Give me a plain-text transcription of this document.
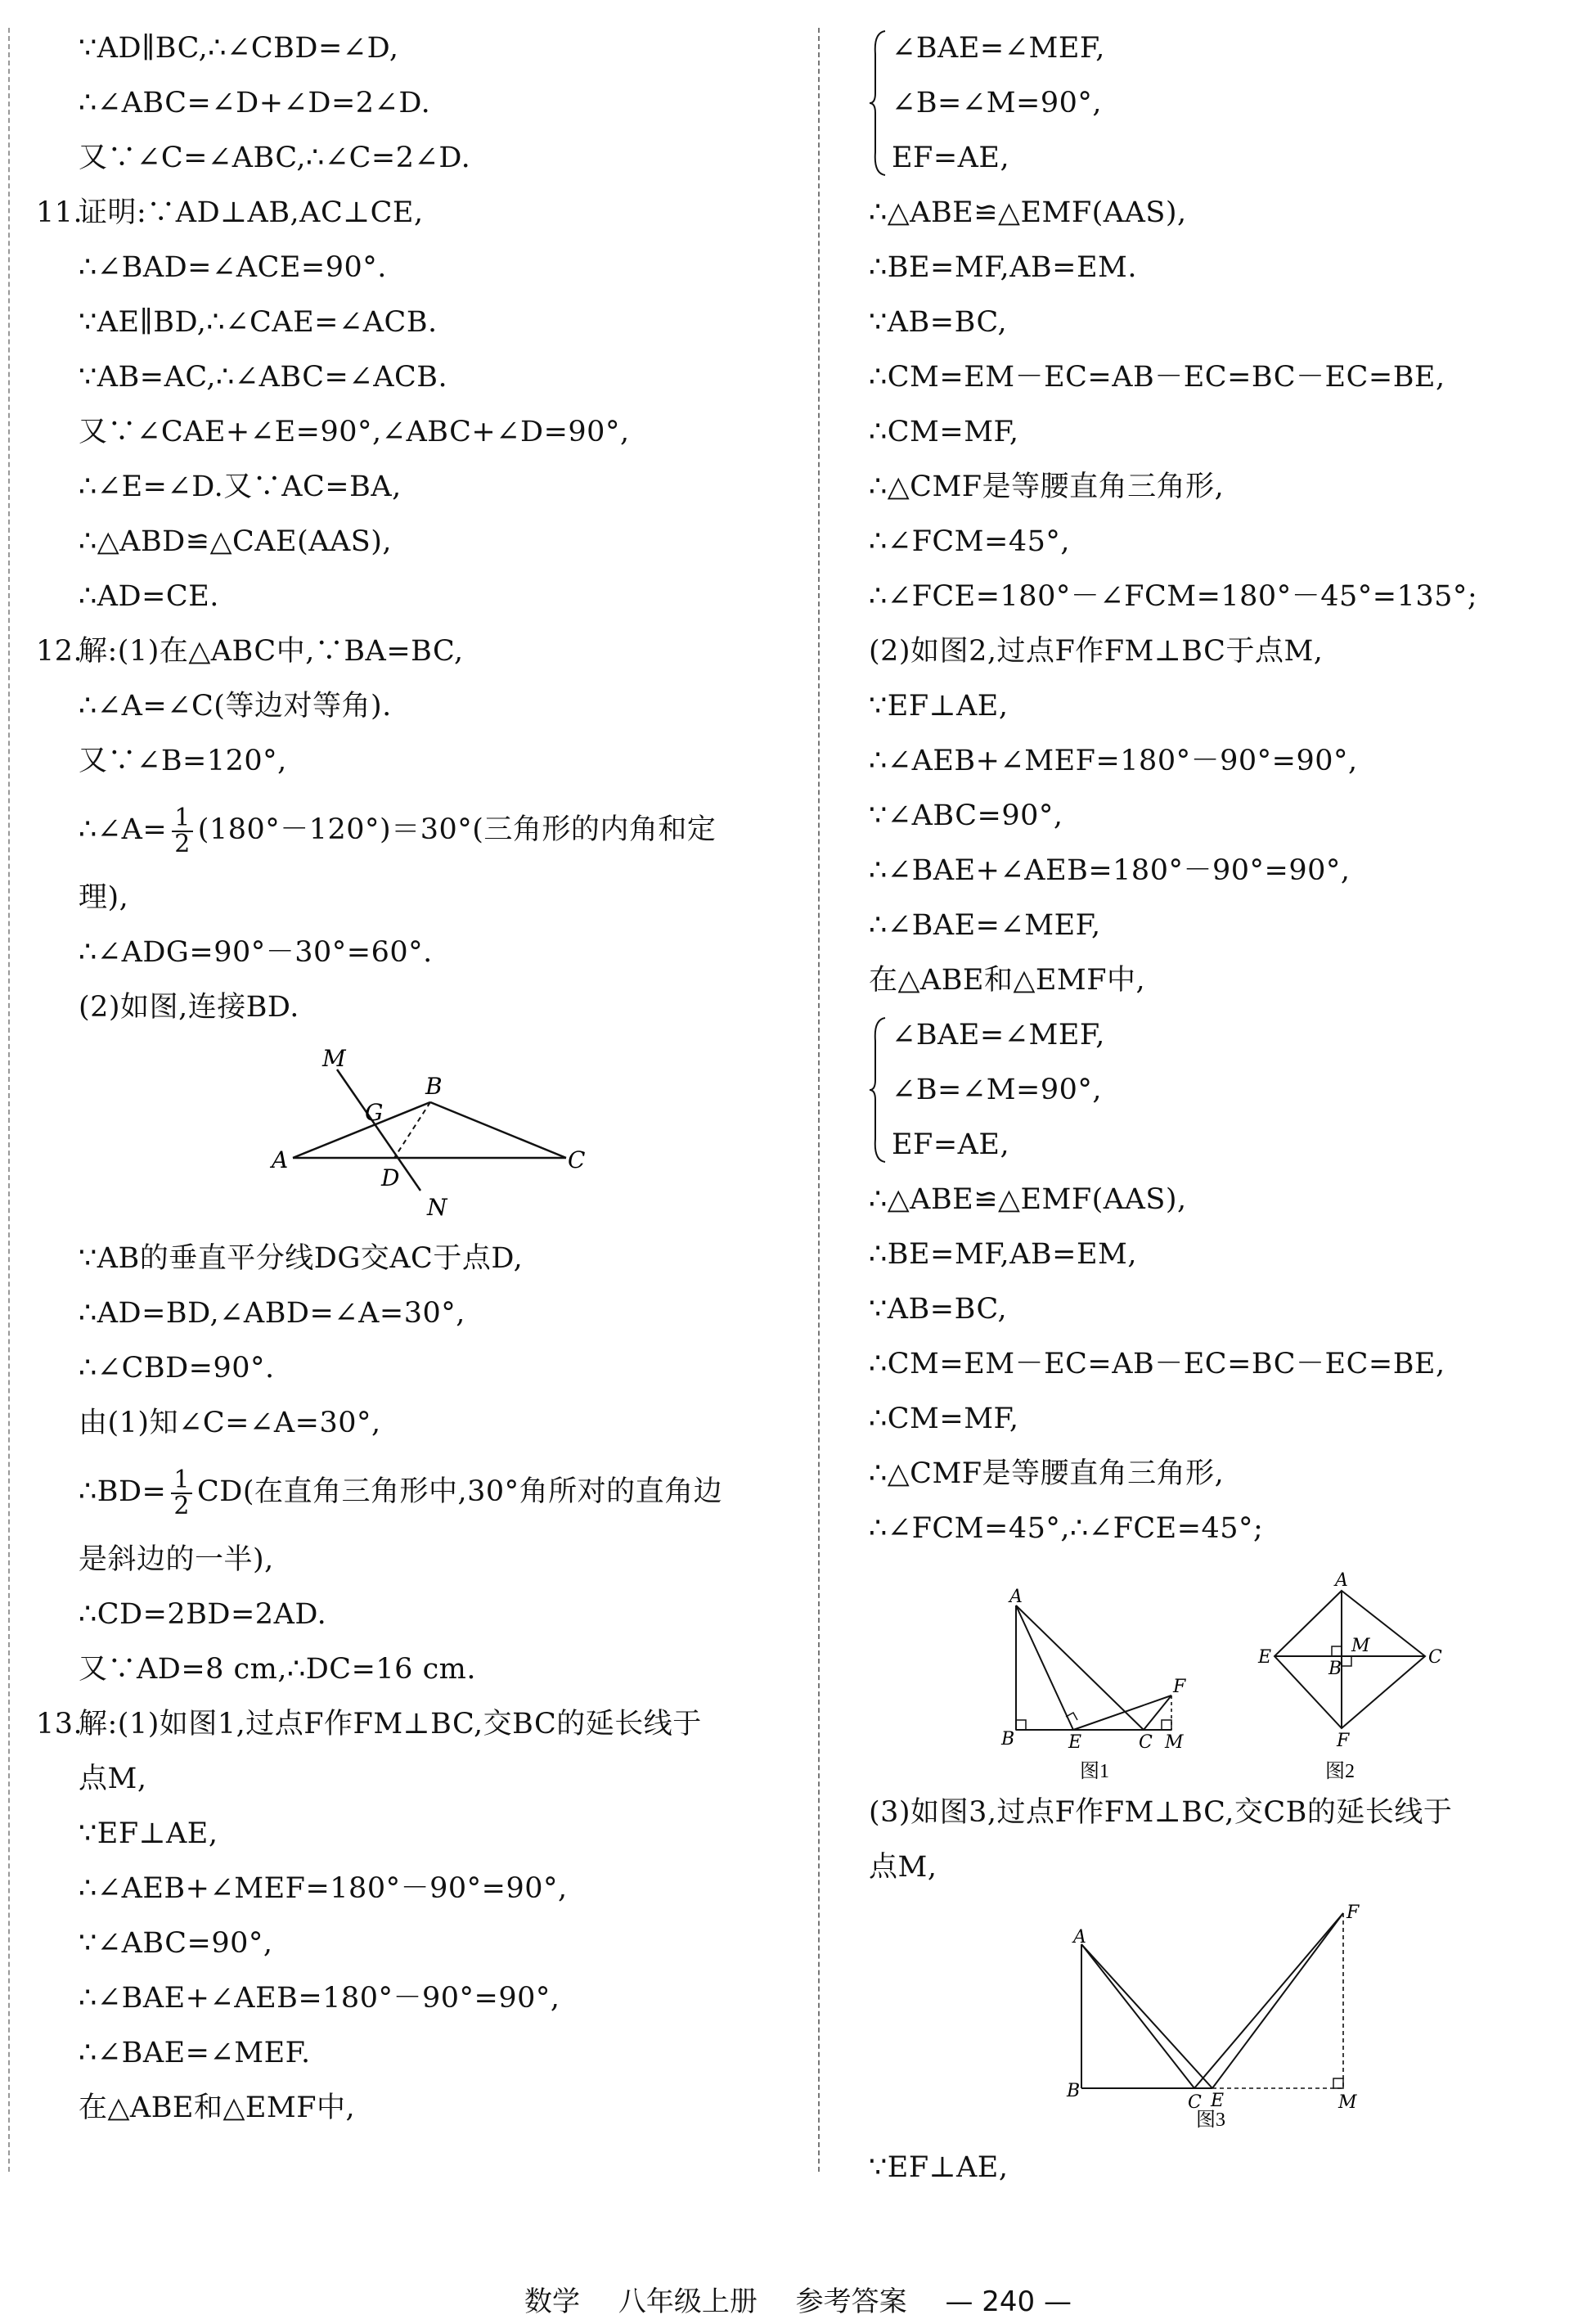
∵AD∥BC,∴∠CBD=∠D,
∴∠ABC=∠D+∠D=2∠D.
又∵∠C=∠ABC,∴∠C=2∠D.
11.
证明:∵AD⊥AB,AC⊥CE,
∴∠BAD=∠ACE=90°.
∵AE∥BD,∴∠CAE=∠ACB.
∵AB=AC,∴∠ABC=∠ACB.
又∵∠CAE+∠E=90°,∠ABC+∠D=90°,
∴∠E=∠D.又∵AC=BA,
∴△ABD≌△CAE(AAS),
∴AD=CE.
12.
解:(1)在△ABC中,∵BA=BC,
∴∠A=∠C(等边对等角).
又∵∠B=120°,
∴∠A= $\frac{1}{2} (180^\circ-120^\circ)=30^\circ$(三角形的内角和定
理),
∴∠ADG=90°－30°=60°.
(2)如图,连接BD.
M
B
G
A
D
C
N
∵AB的垂直平分线DG交AC于点D,
∴AD=BD,∠ABD=∠A=30°,
∴∠CBD=90°.
由(1)知∠C=∠A=30°,
∴BD= $\frac{1}{2} CD$(在直角三角形中,30°角所对的直角边
是斜边的一半),
∴CD=2BD=2AD.
又∵AD=8 cm,∴DC=16 cm.
13.
解:(1)如图1,过点F作FM⊥BC,交BC的延长线于
点M,
∵EF⊥AE,
∴∠AEB+∠MEF=180°－90°=90°,
∵∠ABC=90°,
∴∠BAE+∠AEB=180°－90°=90°,
∴∠BAE=∠MEF.
在△ABE和△EMF中,
∠BAE=∠MEF,
∠B=∠M=90°,
EF=AE,
∴△ABE≌△EMF(AAS),
∴BE=MF,AB=EM.
∵AB=BC,
∴CM=EM－EC=AB－EC=BC－EC=BE,
∴CM=MF,
∴△CMF是等腰直角三角形,
∴∠FCM=45°,
∴∠FCE=180°－∠FCM=180°－45°=135°;
(2)如图2,过点F作FM⊥BC于点M,
∵EF⊥AE,
∴∠AEB+∠MEF=180°－90°=90°,
∵∠ABC=90°,
∴∠BAE+∠AEB=180°－90°=90°,
∴∠BAE=∠MEF,
在△ABE和△EMF中,
∠BAE=∠MEF,
∠B=∠M=90°,
EF=AE,
∴△ABE≌△EMF(AAS),
∴BE=MF,AB=EM,
∵AB=BC,
∴CM=EM－EC=AB－EC=BC－EC=BE,
∴CM=MF,
∴△CMF是等腰直角三角形,
∴∠FCM=45°,∴∠FCE=45°;
A
B	E	C M
F
图1
A
E
B
M
C
F
图2
(3)如图3,过点F作FM⊥BC,交CB的延长线于
点M,
A
B
C E	M
F
图3
∵EF⊥AE,
数学 八年级上册 参考答案 — 240 —
